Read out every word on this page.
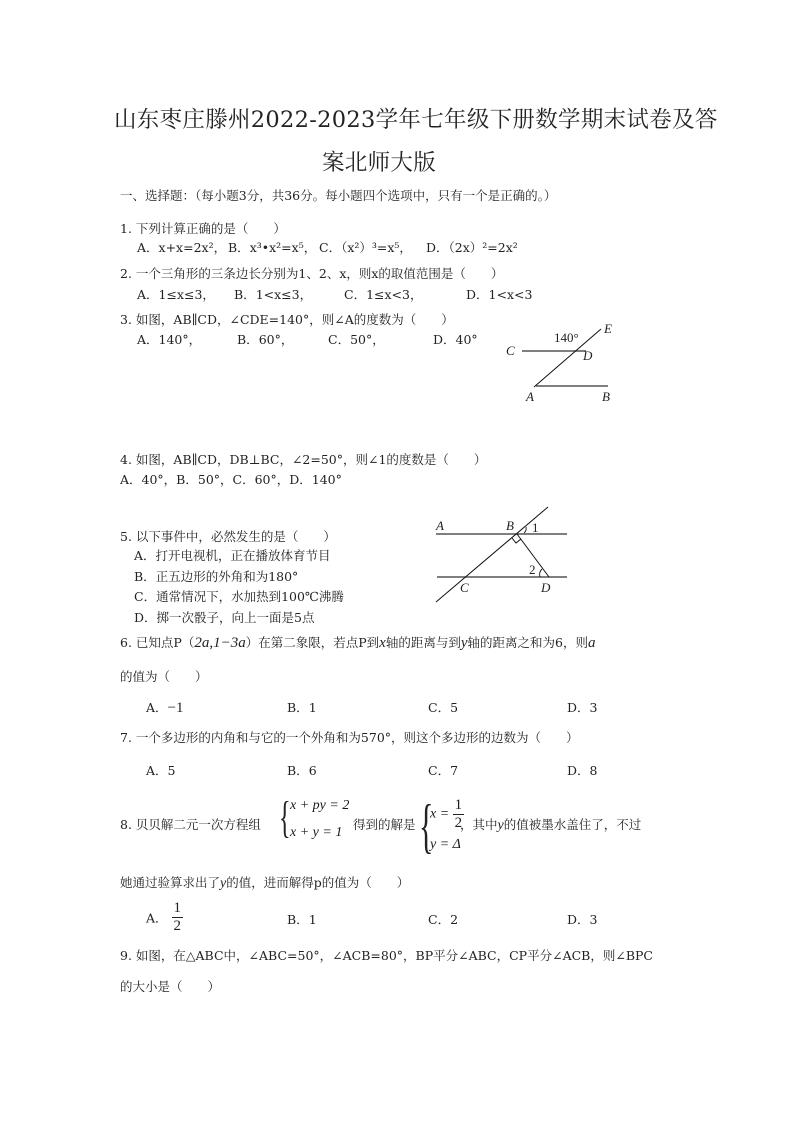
山东枣庄滕州2022-2023学年七年级下册数学期末试卷及答
案北师大版
一、选择题：（每小题3分，共36分。每小题四个选项中，只有一个是正确的。）
1. 下列计算正确的是（　　）
A．x+x=2x²， B．x³•x²=x⁵， C．（x²）³=x⁵， D．（2x）²=2x²
2. 一个三角形的三条边长分别为1、2、x，则x的取值范围是（　　）
A．1≤x≤3， B．1<x≤3，	C．1≤x<3，	D．1<x<3
3. 如图，AB∥CD，∠CDE=140°，则∠A的度数为（　　）
A．140°，	B．60°，	C．50°，	D．40°	140°
C	D
E
A	B
4. 如图，AB∥CD，DB⊥BC，∠2=50°，则∠1的度数是（　　）
A．40°，B．50°，C．60°，D．140°
A	B
C	D
1
2
5. 以下事件中，必然发生的是（　　）
A．打开电视机，正在播放体育节目
B．正五边形的外角和为180°
C．通常情况下，水加热到100℃沸腾
D．掷一次骰子，向上一面是5点
6. 已知点P（2a,1−3a）在第二象限，若点P到x轴的距离与到y轴的距离之和为6，则a
的值为（　　）
A．−1	B．1	C．5	D．3
7. 一个多边形的内角和与它的一个外角和为570°，则这个多边形的边数为（　　）
A．5	B．6	C．7	D．8
8. 贝贝解二元一次方程组 { x + py = 2
x + y = 1
得到的解是 {
$x = \frac{1}{2}$
y = Δ
，其中y的值被墨水盖住了，不过
她通过验算求出了y的值，进而解得p的值为（　　）
A． $\frac{1}{2}$	B．1	C．2	D．3
9. 如图，在△ABC中，∠ABC=50°，∠ACB=80°，BP平分∠ABC，CP平分∠ACB，则∠BPC
的大小是（　　）
